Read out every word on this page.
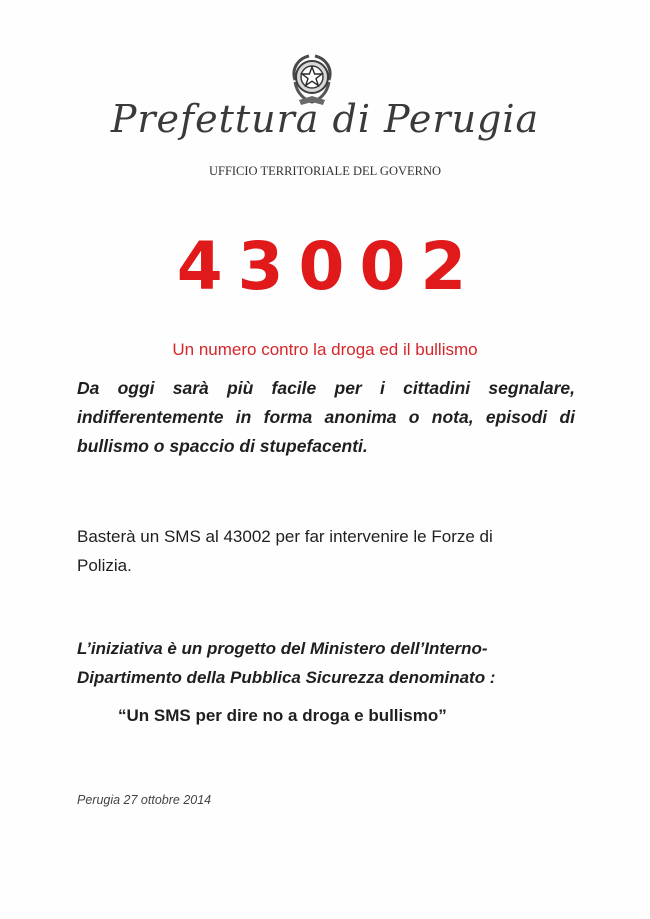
Prefettura di Perugia
UFFICIO TERRITORIALE DEL GOVERNO
43002
Un numero contro la droga ed il bullismo
Da oggi sarà più facile per i cittadini segnalare, indifferentemente in forma anonima o nota, episodi di bullismo o spaccio di stupefacenti.
Basterà un SMS al 43002 per far intervenire le Forze di
Polizia.
L’iniziativa è un progetto del Ministero dell’Interno-
Dipartimento della Pubblica Sicurezza denominato :
“Un SMS per dire no a droga e bullismo”
Perugia 27 ottobre 2014
